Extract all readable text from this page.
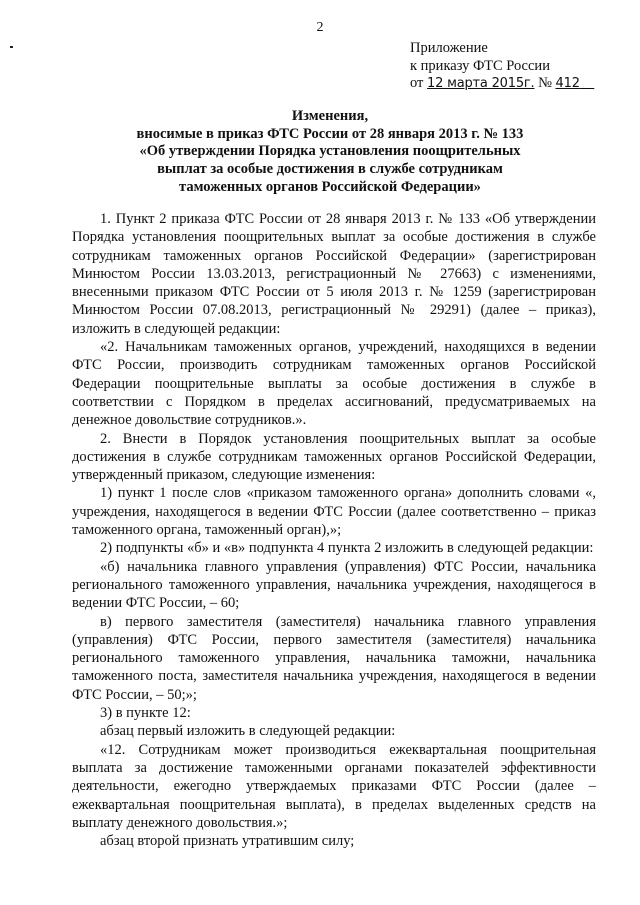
2
Приложение
к приказу ФТС России
от 12 марта 2015г. № 412
Изменения,
вносимые в приказ ФТС России от 28 января 2013 г. № 133
«Об утверждении Порядка установления поощрительных
выплат за особые достижения в службе сотрудникам
таможенных органов Российской Федерации»

1. Пункт 2 приказа ФТС России от 28 января 2013 г. № 133 «Об утверждении Порядка установления поощрительных выплат за особые достижения в службе сотрудникам таможенных органов Российской Федерации» (зарегистрирован Минюстом России 13.03.2013, регистрационный № 27663) с изменениями, внесенными приказом ФТС России от 5 июля 2013 г. № 1259 (зарегистрирован Минюстом России 07.08.2013, регистрационный № 29291) (далее – приказ), изложить в следующей редакции:

«2. Начальникам таможенных органов, учреждений, находящихся в ведении ФТС России, производить сотрудникам таможенных органов Российской Федерации поощрительные выплаты за особые достижения в службе в соответствии с Порядком в пределах ассигнований, предусматриваемых на денежное довольствие сотрудников.».

2. Внести в Порядок установления поощрительных выплат за особые достижения в службе сотрудникам таможенных органов Российской Федерации, утвержденный приказом, следующие изменения:

1) пункт 1 после слов «приказом таможенного органа» дополнить словами «, учреждения, находящегося в ведении ФТС России (далее соответственно – приказ таможенного органа, таможенный орган),»;

2) подпункты «б» и «в» подпункта 4 пункта 2 изложить в следующей редакции:

«б) начальника главного управления (управления) ФТС России, начальника регионального таможенного управления, начальника учреждения, находящегося в ведении ФТС России, – 60;

в) первого заместителя (заместителя) начальника главного управления (управления) ФТС России, первого заместителя (заместителя) начальника регионального таможенного управления, начальника таможни, начальника таможенного поста, заместителя начальника учреждения, находящегося в ведении ФТС России, – 50;»;

3) в пункте 12:

абзац первый изложить в следующей редакции:

«12. Сотрудникам может производиться ежеквартальная поощрительная выплата за достижение таможенными органами показателей эффективности деятельности, ежегодно утверждаемых приказами ФТС России (далее – ежеквартальная поощрительная выплата), в пределах выделенных средств на выплату денежного довольствия.»;

абзац второй признать утратившим силу;
